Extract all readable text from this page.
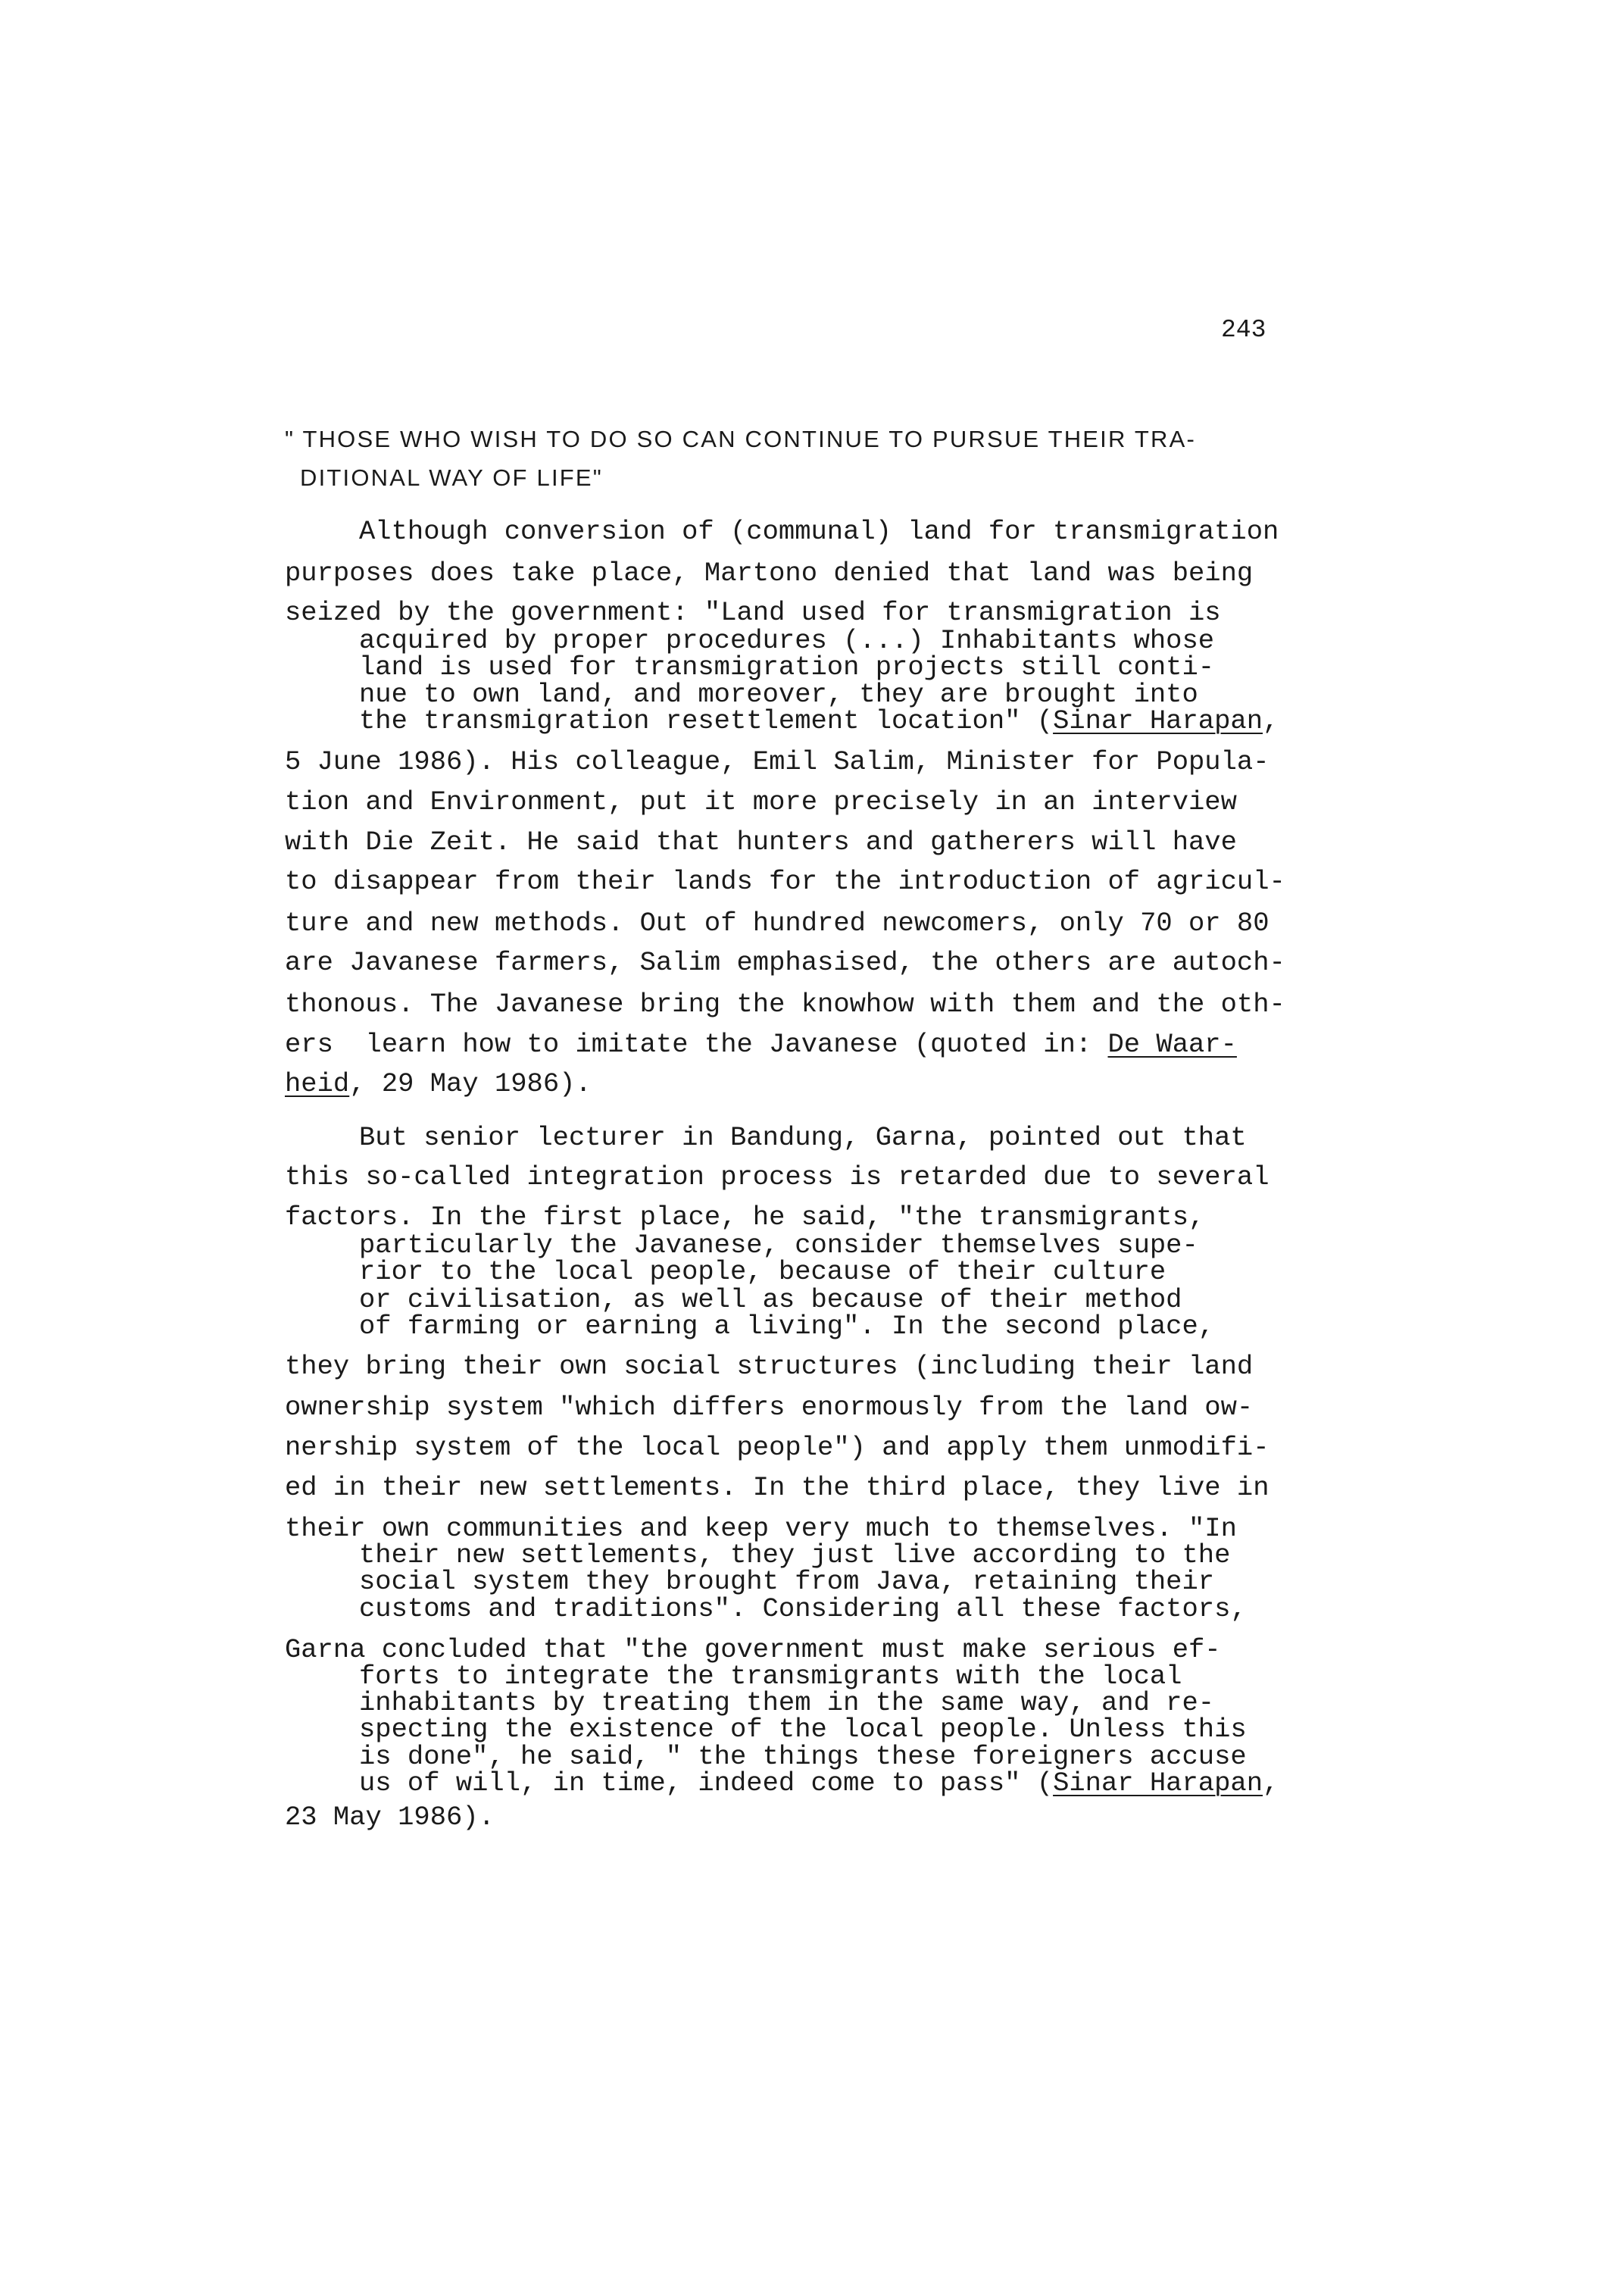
243
" THOSE WHO WISH TO DO SO CAN CONTINUE TO PURSUE THEIR TRA-
DITIONAL WAY OF LIFE"
Although conversion of (communal) land for transmigration
purposes does take place, Martono denied that land was being
seized by the government: "Land used for transmigration is
acquired by proper procedures (...) Inhabitants whose
land is used for transmigration projects still conti-
nue to own land, and moreover, they are brought into
the transmigration resettlement location" (Sinar Harapan,
5 June 1986). His colleague, Emil Salim, Minister for Popula-
tion and Environment, put it more precisely in an interview
with Die Zeit. He said that hunters and gatherers will have
to disappear from their lands for the introduction of agricul-
ture and new methods. Out of hundred newcomers, only 70 or 80
are Javanese farmers, Salim emphasised, the others are autoch-
thonous. The Javanese bring the knowhow with them and the oth-
ers  learn how to imitate the Javanese (quoted in: De Waar-
heid, 29 May 1986).
But senior lecturer in Bandung, Garna, pointed out that
this so-called integration process is retarded due to several
factors. In the first place, he said, "the transmigrants,
particularly the Javanese, consider themselves supe-
rior to the local people, because of their culture
or civilisation, as well as because of their method
of farming or earning a living". In the second place,
they bring their own social structures (including their land
ownership system "which differs enormously from the land ow-
nership system of the local people") and apply them unmodifi-
ed in their new settlements. In the third place, they live in
their own communities and keep very much to themselves. "In
their new settlements, they just live according to the
social system they brought from Java, retaining their
customs and traditions". Considering all these factors,
Garna concluded that "the government must make serious ef-
forts to integrate the transmigrants with the local
inhabitants by treating them in the same way, and re-
specting the existence of the local people. Unless this
is done", he said, " the things these foreigners accuse
us of will, in time, indeed come to pass" (Sinar Harapan,
23 May 1986).
